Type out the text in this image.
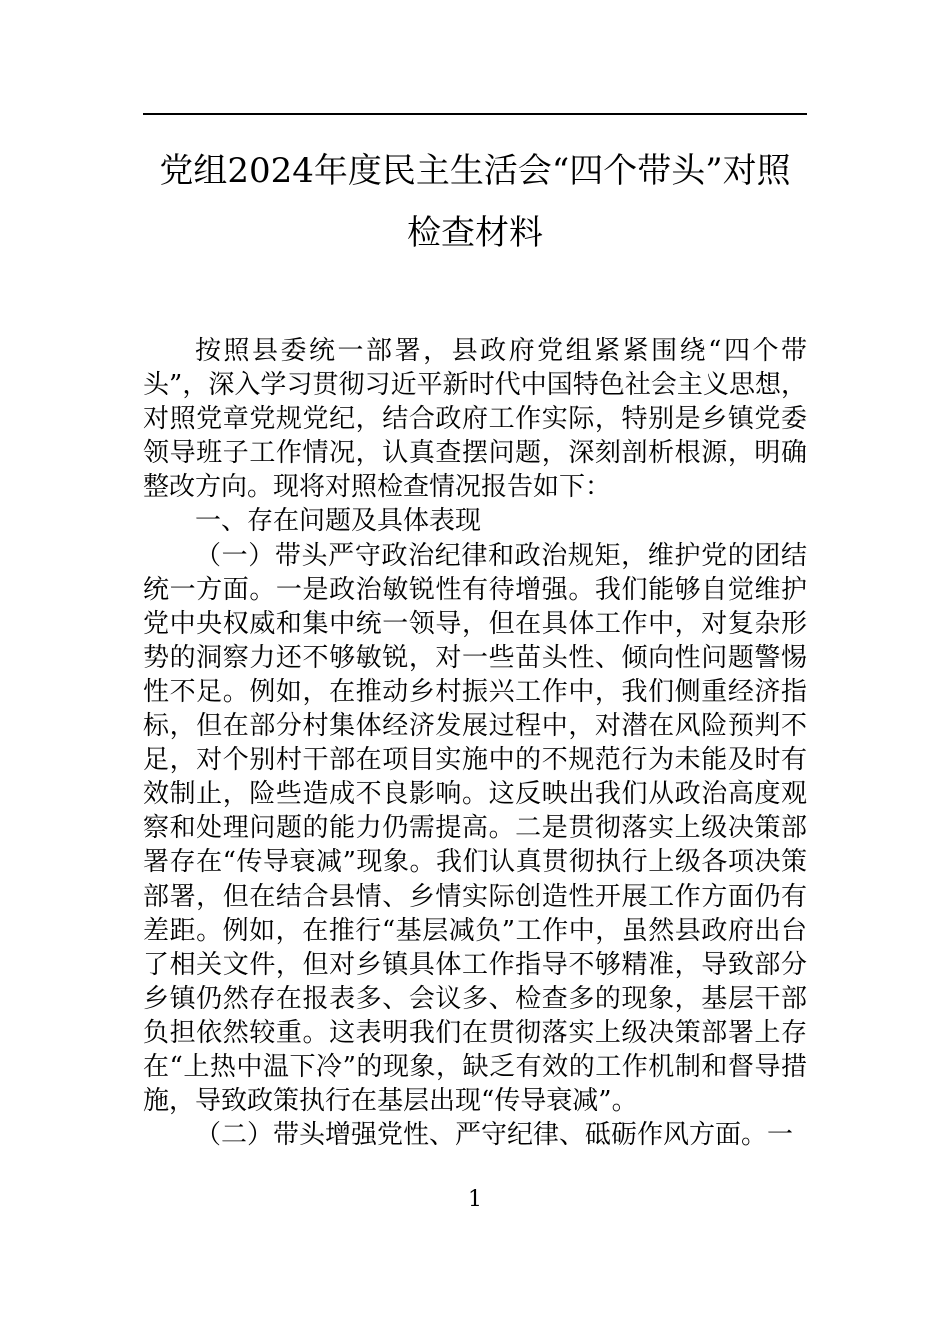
党组2024年度民主生活会“四个带头”对照
检查材料

按照县委统一部署，县政府党组紧紧围绕“四个带头”，深入学习贯彻习近平新时代中国特色社会主义思想，对照党章党规党纪，结合政府工作实际，特别是乡镇党委领导班子工作情况，认真查摆问题，深刻剖析根源，明确整改方向。现将对照检查情况报告如下：

一、存在问题及具体表现

（一）带头严守政治纪律和政治规矩，维护党的团结统一方面。一是政治敏锐性有待增强。我们能够自觉维护党中央权威和集中统一领导，但在具体工作中，对复杂形势的洞察力还不够敏锐，对一些苗头性、倾向性问题警惕性不足。例如，在推动乡村振兴工作中，我们侧重经济指标，但在部分村集体经济发展过程中，对潜在风险预判不足，对个别村干部在项目实施中的不规范行为未能及时有效制止，险些造成不良影响。这反映出我们从政治高度观察和处理问题的能力仍需提高。二是贯彻落实上级决策部署存在“传导衰减”现象。我们认真贯彻执行上级各项决策部署，但在结合县情、乡情实际创造性开展工作方面仍有差距。例如，在推行“基层减负”工作中，虽然县政府出台了相关文件，但对乡镇具体工作指导不够精准，导致部分乡镇仍然存在报表多、会议多、检查多的现象，基层干部负担依然较重。这表明我们在贯彻落实上级决策部署上存在“上热中温下冷”的现象，缺乏有效的工作机制和督导措施，导致政策执行在基层出现“传导衰减”。

（二）带头增强党性、严守纪律、砥砺作风方面。一

1
